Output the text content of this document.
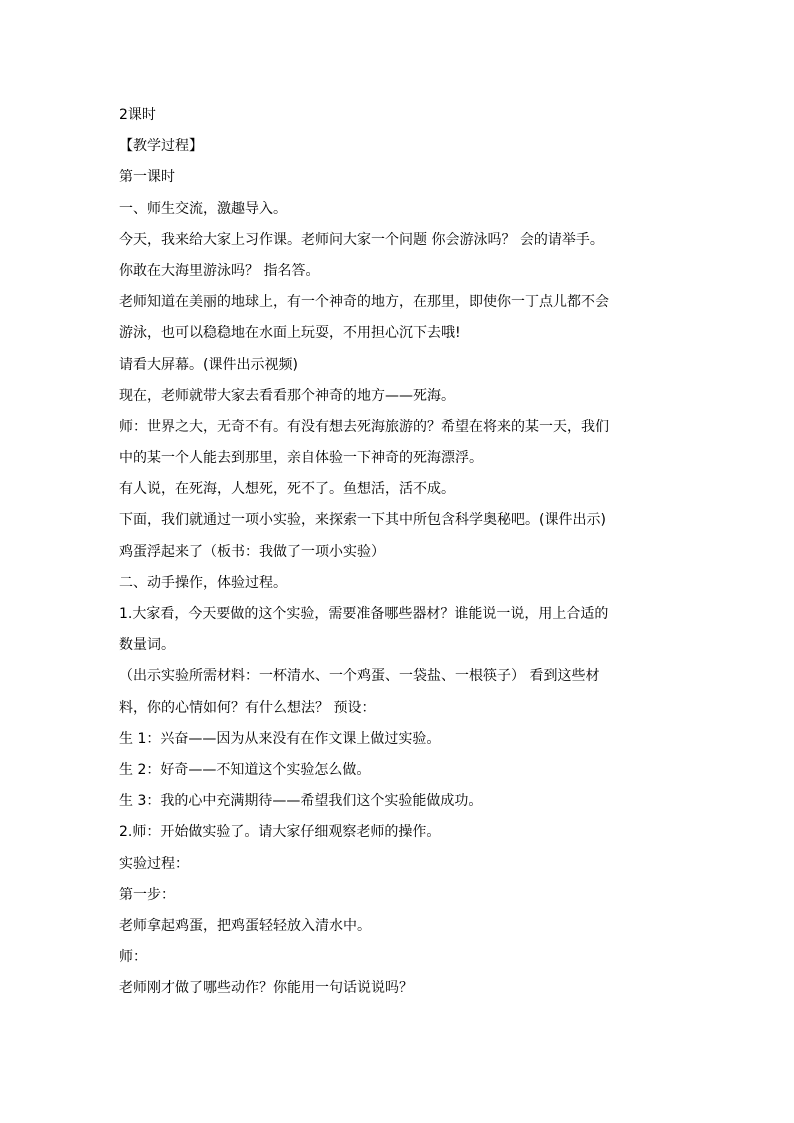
2课时
【教学过程】
第一课时
一、师生交流，激趣导入。
今天，我来给大家上习作课。老师问大家一个问题 你会游泳吗？ 会的请举手。
你敢在大海里游泳吗？ 指名答。
老师知道在美丽的地球上，有一个神奇的地方，在那里，即使你一丁点儿都不会
游泳，也可以稳稳地在水面上玩耍，不用担心沉下去哦!
请看大屏幕。(课件出示视频)
现在，老师就带大家去看看那个神奇的地方——死海。
师：世界之大，无奇不有。有没有想去死海旅游的？希望在将来的某一天，我们
中的某一个人能去到那里，亲自体验一下神奇的死海漂浮。
有人说，在死海，人想死，死不了。鱼想活，活不成。
下面，我们就通过一项小实验，来探索一下其中所包含科学奥秘吧。(课件出示)
鸡蛋浮起来了（板书：我做了一项小实验）
二、动手操作，体验过程。
1.大家看，今天要做的这个实验，需要准备哪些器材？谁能说一说，用上合适的
数量词。
（出示实验所需材料：一杯清水、一个鸡蛋、一袋盐、一根筷子） 看到这些材
料，你的心情如何？有什么想法？ 预设：
生 1：兴奋——因为从来没有在作文课上做过实验。
生 2：好奇——不知道这个实验怎么做。
生 3：我的心中充满期待——希望我们这个实验能做成功。
2.师：开始做实验了。请大家仔细观察老师的操作。
实验过程：
第一步：
老师拿起鸡蛋，把鸡蛋轻轻放入清水中。
师：
老师刚才做了哪些动作？你能用一句话说说吗？
